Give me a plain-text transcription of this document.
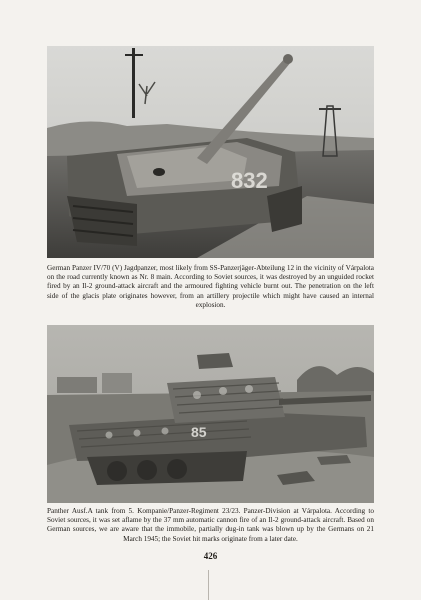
832

German Panzer IV/70 (V) Jagdpanzer, most likely from SS-Panzerjäger-Abteilung 12 in the vicinity of Várpalota on the road currently known as Nr. 8 main. According to Soviet sources, it was destroyed by an unguided rocket fired by an Il-2 ground-attack aircraft and the armoured fighting vehicle burnt out. The penetration on the left side of the glacis plate originates however, from an artillery projectile which might have caused an internal explosion.

85

Panther Ausf.A tank from 5. Kompanie/Panzer-Regiment 23/23. Panzer-Division at Várpalota. According to Soviet sources, it was set aflame by the 37 mm automatic cannon fire of an Il-2 ground-attack aircraft. Based on German sources, we are aware that the immobile, partially dug-in tank was blown up by the Germans on 21 March 1945; the Soviet hit marks originate from a later date.

426
